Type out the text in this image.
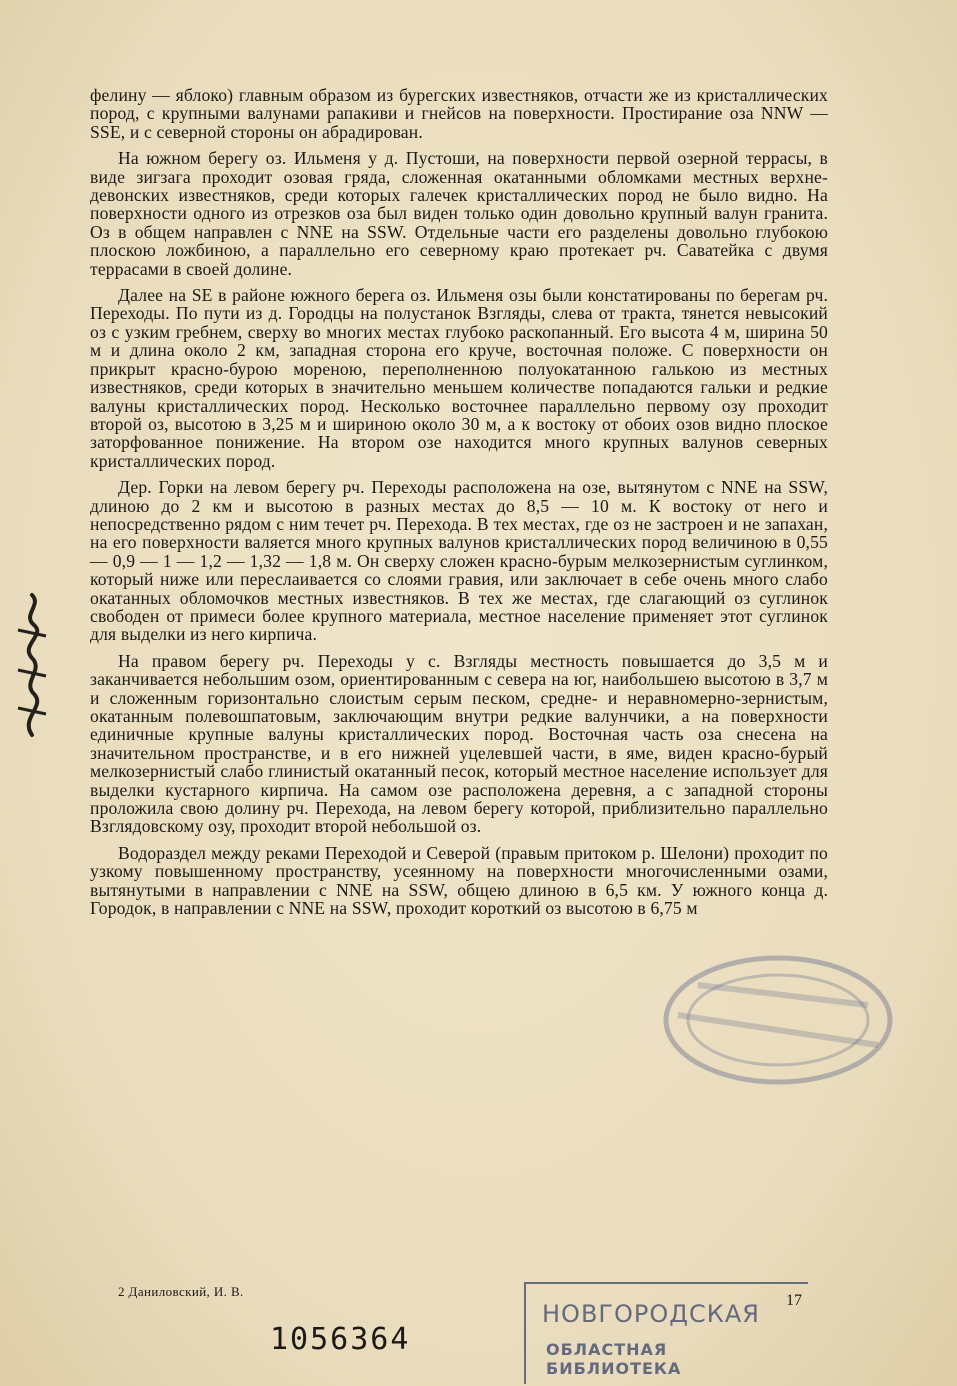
фелину — яблоко) главным образом из бурегских известняков, отчасти же из кристаллических пород, с крупными валунами рапакиви и гнейсов на поверхности. Простирание оза NNW — SSE, и с северной стороны он абрадирован.

На южном берегу оз. Ильменя у д. Пустоши, на поверхности первой озерной террасы, в виде зигзага проходит озовая гряда, сложенная окатанными обломками местных верхне-девонских известняков, среди которых галечек кристаллических пород не было видно. На поверхности одного из отрезков оза был виден только один довольно крупный валун гранита. Оз в общем направлен с NNE на SSW. Отдельные части его разделены довольно глубокою плоскою ложбиною, а параллельно его северному краю протекает рч. Саватейка с двумя террасами в своей долине.

Далее на SE в районе южного берега оз. Ильменя озы были констатированы по берегам рч. Переходы. По пути из д. Городцы на полустанок Взгляды, слева от тракта, тянется невысокий оз с узким гребнем, сверху во многих местах глубоко раскопанный. Его высота 4 м, ширина 50 м и длина около 2 км, западная сторона его круче, восточная положе. С поверхности он прикрыт красно-бурою мореною, переполненною полуокатанною галькою из местных известняков, среди которых в значительно меньшем количестве попадаются гальки и редкие валуны кристаллических пород. Несколько восточнее параллельно первому озу проходит второй оз, высотою в 3,25 м и шириною около 30 м, а к востоку от обоих озов видно плоское заторфованное понижение. На втором озе находится много крупных валунов северных кристаллических пород.

Дер. Горки на левом берегу рч. Переходы расположена на озе, вытянутом с NNE на SSW, длиною до 2 км и высотою в разных местах до 8,5 — 10 м. К востоку от него и непосредственно рядом с ним течет рч. Перехода. В тех местах, где оз не застроен и не запахан, на его поверхности валяется много крупных валунов кристаллических пород величиною в 0,55 — 0,9 — 1 — 1,2 — 1,32 — 1,8 м. Он сверху сложен красно-бурым мелкозернистым суглинком, который ниже или переслаивается со слоями гравия, или заключает в себе очень много слабо окатанных обломочков местных известняков. В тех же местах, где слагающий оз суглинок свободен от примеси более крупного материала, местное население применяет этот суглинок для выделки из него кирпича.

На правом берегу рч. Переходы у с. Взгляды местность повышается до 3,5 м и заканчивается небольшим озом, ориентированным с севера на юг, наибольшею высотою в 3,7 м и сложенным горизонтально слоистым серым песком, средне- и неравномерно-зернистым, окатанным полевошпатовым, заключающим внутри редкие валунчики, а на поверхности единичные крупные валуны кристаллических пород. Восточная часть оза снесена на значительном пространстве, и в его нижней уцелевшей части, в яме, виден красно-бурый мелкозернистый слабо глинистый окатанный песок, который местное население использует для выделки кустарного кирпича. На самом озе расположена деревня, а с западной стороны проложила свою долину рч. Перехода, на левом берегу которой, приблизительно параллельно Взглядовскому озу, проходит второй небольшой оз.

Водораздел между реками Переходой и Северой (правым притоком р. Шелони) проходит по узкому повышенному пространству, усеянному на поверхности многочисленными озами, вытянутыми в направлении с NNE на SSW, общею длиною в 6,5 км. У южного конца д. Городок, в направлении с NNE на SSW, проходит короткий оз высотою в 6,75 м

2 Даниловский, И. В.
НОВГОРОДСКАЯ
ОБЛАСТНАЯ БИБЛИОТЕКА
17
1056364
